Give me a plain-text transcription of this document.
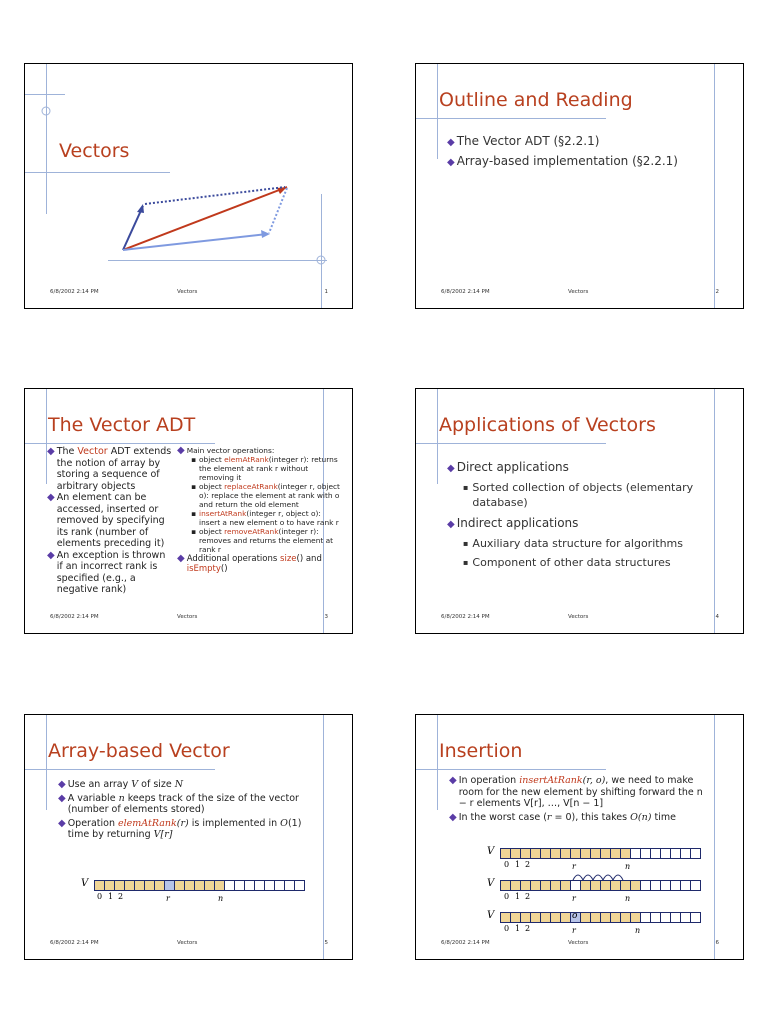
Vectors
6/8/2002 2:14 PM	Vectors	1
Outline and Reading
◆ The Vector ADT (§2.2.1)
◆ Array-based implementation (§2.2.1)
6/8/2002 2:14 PM	Vectors	2
The Vector ADT
◆ The Vector ADT extends the notion of array by storing a sequence of arbitrary objects
◆ An element can be accessed, inserted or removed by specifying its rank (number of elements preceding it)
◆ An exception is thrown if an incorrect rank is specified (e.g., a negative rank)
◆ Main vector operations:
▪ object elemAtRank(integer r): returns the element at rank r without removing it
▪ object replaceAtRank(integer r, object o): replace the element at rank with o and return the old element
▪ insertAtRank(integer r, object o): insert a new element o to have rank r
▪ object removeAtRank(integer r): removes and returns the element at rank r
◆ Additional operations size() and isEmpty()
6/8/2002 2:14 PM	Vectors	3
Applications of Vectors
◆ Direct applications
▪ Sorted collection of objects (elementary database)
◆ Indirect applications
▪ Auxiliary data structure for algorithms
▪ Component of other data structures
6/8/2002 2:14 PM	Vectors	4
Array-based Vector
◆ Use an array V of size N
◆ A variable n keeps track of the size of the vector (number of elements stored)
◆ Operation elemAtRank(r) is implemented in O(1) time by returning V[r]
V
0 1 2	r	n
6/8/2002 2:14 PM	Vectors	5
Insertion
◆ In operation insertAtRank(r, o), we need to make room for the new element by shifting forward the n − r elements V[r], …, V[n − 1]
◆ In the worst case (r = 0), this takes O(n) time
V
0 1 2	r	n
V
0 1 2	r	n
V	o
0 1 2	r	n
6/8/2002 2:14 PM	Vectors	6
